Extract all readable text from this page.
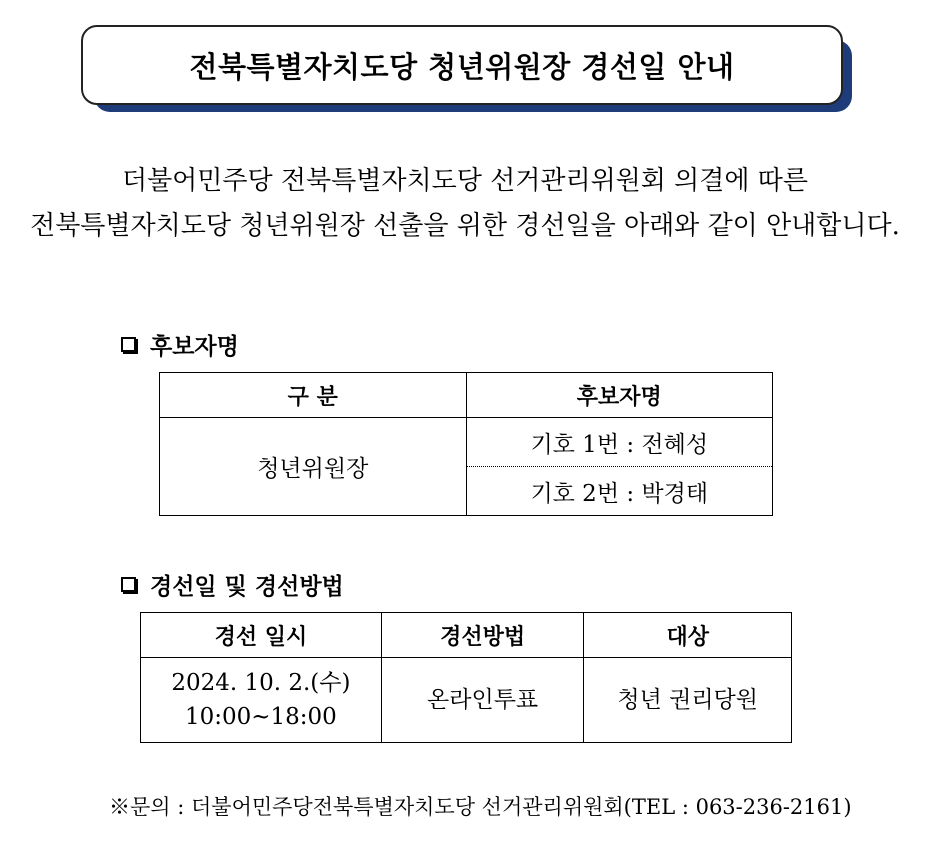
전북특별자치도당 청년위원장 경선일 안내
더불어민주당 전북특별자치도당 선거관리위원회 의결에 따른
전북특별자치도당 청년위원장 선출을 위한 경선일을 아래와 같이 안내합니다.
후보자명
구 분	후보자명
청년위원장	기호 1번 : 전혜성
	기호 2번 : 박경태
경선일 및 경선방법
경선 일시	경선방법	대상

2024. 10. 2.(수)
10:00~18:00	온라인투표	청년 권리당원
※문의 : 더불어민주당전북특별자치도당 선거관리위원회(TEL : 063-236-2161)
